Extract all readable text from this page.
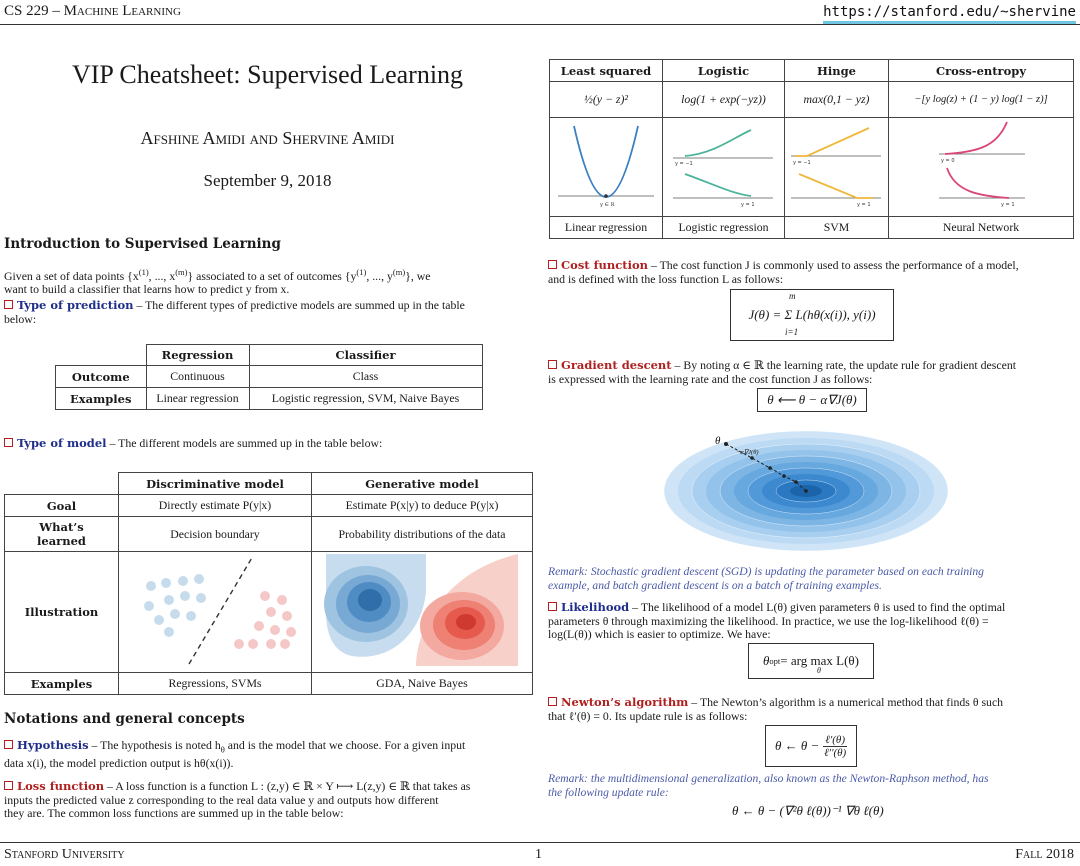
CS 229 – Machine Learning	https://stanford.edu/~shervine
VIP Cheatsheet: Supervised Learning
Afshine Amidi and Shervine Amidi
September 9, 2018
Introduction to Supervised Learning
Given a set of data points {$x^{(1)}$, ..., $x^{(m)}$} associated to a set of outcomes {$y^{(1)}$, ..., $y^{(m)}$}, we
want to build a classifier that learns how to predict y from x.
Type of prediction – The different types of predictive models are summed up in the table
below:
	Regression	Classifier
Outcome	Continuous	Class
Examples	Linear regression	Logistic regression, SVM, Naive Bayes
Type of model – The different models are summed up in the table below:
	Discriminative model	Generative model
Goal	Directly estimate P(y|x)	Estimate P(x|y) to deduce P(y|x)
What’s learned	Decision boundary	Probability distributions of the data
Illustration		
Examples	Regressions, SVMs	GDA, Naive Bayes
Notations and general concepts
Hypothesis – The hypothesis is noted $h_\theta$ and is the model that we choose. For a given input
data x(i), the model prediction output is hθ(x(i)).
Loss function – A loss function is a function L : (z,y) ∈ ℝ × Y ⟼ L(z,y) ∈ ℝ that takes as
inputs the predicted value z corresponding to the real data value y and outputs how different
they are. The common loss functions are summed up in the table below:
Least squared	Logistic	Hinge	Cross-entropy
½(y − z)²	log(1 + exp(−yz))	max(0,1 − yz)	−[y log(z) + (1 − y) log(1 − z)]

y ∈ ℝ	y = −1
y = 1	y = −1
y = 1	y = 0
y = 1

Linear regression	Logistic regression	SVM	Neural Network
Cost function – The cost function J is commonly used to assess the performance of a model,
and is defined with the loss function L as follows:
m
i=1
J(θ) = Σ L(hθ(x(i)), y(i))
Gradient descent – By noting α ∈ ℝ the learning rate, the update rule for gradient descent
is expressed with the learning rate and the cost function J as follows:
θ ⟵ θ − α∇J(θ)
θ
−α∇J(θ)
Remark: Stochastic gradient descent (SGD) is updating the parameter based on each training
example, and batch gradient descent is on a batch of training examples.
Likelihood – The likelihood of a model L(θ) given parameters θ is used to find the optimal
parameters θ through maximizing the likelihood. In practice, we use the log-likelihood ℓ(θ) =
log(L(θ)) which is easier to optimize. We have:
θ opt = arg max L(θ)
θ
Newton’s algorithm – The Newton’s algorithm is a numerical method that finds θ such
that ℓ′(θ) = 0. Its update rule is as follows:
θ ← θ − ℓ′(θ)
ℓ′′(θ)
Remark: the multidimensional generalization, also known as the Newton-Raphson method, has
the following update rule:
θ ← θ − (∇²θ ℓ(θ))⁻¹ ∇θ ℓ(θ)
Stanford University	1	Fall 2018
